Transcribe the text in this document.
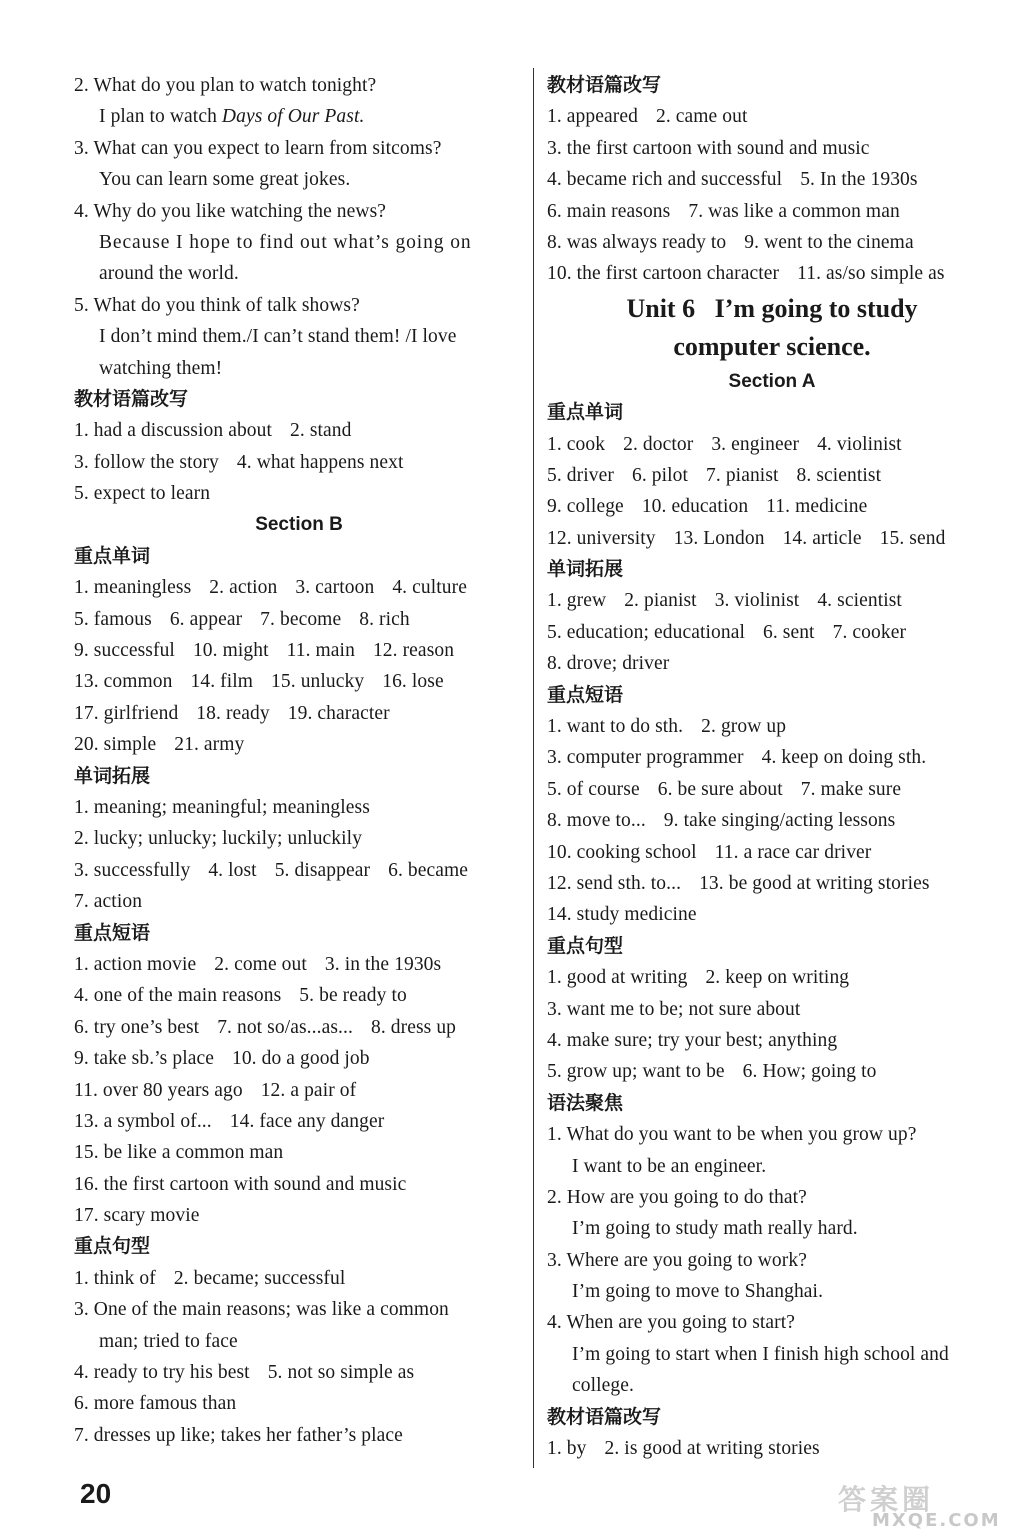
2. What do you plan to watch tonight?
I plan to watch Days of Our Past.
3. What can you expect to learn from sitcoms?
You can learn some great jokes.
4. Why do you like watching the news?
Because I hope to find out what’s going on
around the world.
5. What do you think of talk shows?
I don’t mind them./I can’t stand them! /I love
watching them!
教材语篇改写
1. had a discussion about 2. stand
3. follow the story 4. what happens next
5. expect to learn
Section B
重点单词
1. meaningless 2. action 3. cartoon 4. culture
5. famous 6. appear 7. become 8. rich
9. successful 10. might 11. main 12. reason
13. common 14. film 15. unlucky 16. lose
17. girlfriend 18. ready 19. character
20. simple 21. army
单词拓展
1. meaning; meaningful; meaningless
2. lucky; unlucky; luckily; unluckily
3. successfully 4. lost 5. disappear 6. became
7. action
重点短语
1. action movie 2. come out 3. in the 1930s
4. one of the main reasons 5. be ready to
6. try one’s best 7. not so/as...as... 8. dress up
9. take sb.’s place 10. do a good job
11. over 80 years ago 12. a pair of
13. a symbol of... 14. face any danger
15. be like a common man
16. the first cartoon with sound and music
17. scary movie
重点句型
1. think of 2. became; successful
3. One of the main reasons; was like a common
man; tried to face
4. ready to try his best 5. not so simple as
6. more famous than
7. dresses up like; takes her father’s place
教材语篇改写
1. appeared 2. came out
3. the first cartoon with sound and music
4. became rich and successful 5. In the 1930s
6. main reasons 7. was like a common man
8. was always ready to 9. went to the cinema
10. the first cartoon character 11. as/so simple as
Unit 6   I’m going to study
computer science.
Section A
重点单词
1. cook 2. doctor 3. engineer 4. violinist
5. driver 6. pilot 7. pianist 8. scientist
9. college 10. education 11. medicine
12. university 13. London 14. article 15. send
单词拓展
1. grew 2. pianist 3. violinist 4. scientist
5. education; educational 6. sent 7. cooker
8. drove; driver
重点短语
1. want to do sth. 2. grow up
3. computer programmer 4. keep on doing sth.
5. of course 6. be sure about 7. make sure
8. move to... 9. take singing/acting lessons
10. cooking school 11. a race car driver
12. send sth. to... 13. be good at writing stories
14. study medicine
重点句型
1. good at writing 2. keep on writing
3. want me to be; not sure about
4. make sure; try your best; anything
5. grow up; want to be 6. How; going to
语法聚焦
1. What do you want to be when you grow up?
I want to be an engineer.
2. How are you going to do that?
I’m going to study math really hard.
3. Where are you going to work?
I’m going to move to Shanghai.
4. When are you going to start?
I’m going to start when I finish high school and
college.
教材语篇改写
1. by 2. is good at writing stories
20	答案圈
MXQE.COM
